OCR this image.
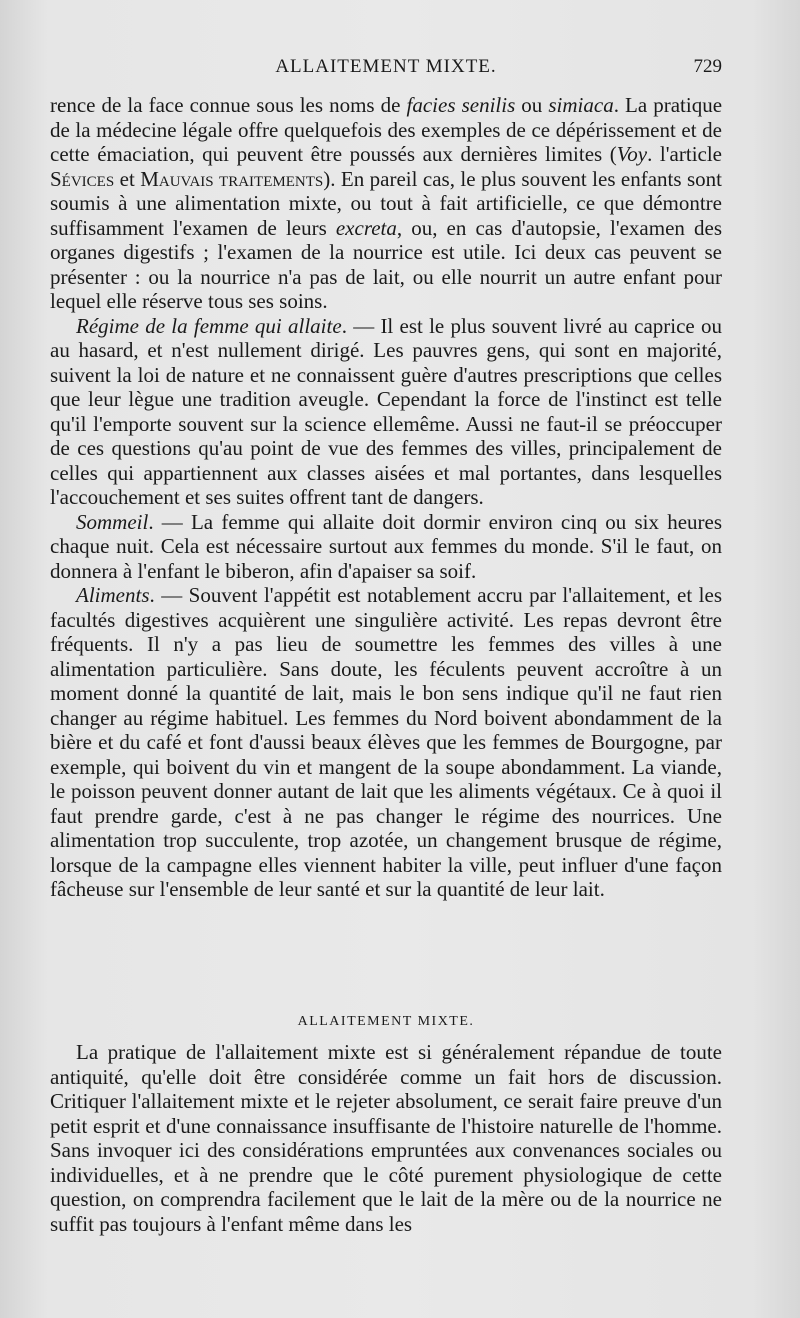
ALLAITEMENT MIXTE.	729

rence de la face connue sous les noms de facies senilis ou simiaca. La pratique de la médecine légale offre quelquefois des exemples de ce dépérissement et de cette émaciation, qui peuvent être poussés aux dernières limites (Voy. l'article Sévices et Mauvais traitements). En pareil cas, le plus souvent les enfants sont soumis à une alimentation mixte, ou tout à fait artificielle, ce que démontre suffisamment l'examen de leurs excreta, ou, en cas d'autopsie, l'examen des organes digestifs ; l'examen de la nourrice est utile. Ici deux cas peuvent se présenter : ou la nourrice n'a pas de lait, ou elle nourrit un autre enfant pour lequel elle réserve tous ses soins.

Régime de la femme qui allaite. — Il est le plus souvent livré au caprice ou au hasard, et n'est nullement dirigé. Les pauvres gens, qui sont en majorité, suivent la loi de nature et ne connaissent guère d'autres prescriptions que celles que leur lègue une tradition aveugle. Cependant la force de l'instinct est telle qu'il l'emporte souvent sur la science ellemême. Aussi ne faut-il se préoccuper de ces questions qu'au point de vue des femmes des villes, principalement de celles qui appartiennent aux classes aisées et mal portantes, dans lesquelles l'accouchement et ses suites offrent tant de dangers.

Sommeil. — La femme qui allaite doit dormir environ cinq ou six heures chaque nuit. Cela est nécessaire surtout aux femmes du monde. S'il le faut, on donnera à l'enfant le biberon, afin d'apaiser sa soif.

Aliments. — Souvent l'appétit est notablement accru par l'allaitement, et les facultés digestives acquièrent une singulière activité. Les repas devront être fréquents. Il n'y a pas lieu de soumettre les femmes des villes à une alimentation particulière. Sans doute, les féculents peuvent accroître à un moment donné la quantité de lait, mais le bon sens indique qu'il ne faut rien changer au régime habituel. Les femmes du Nord boivent abondamment de la bière et du café et font d'aussi beaux élèves que les femmes de Bourgogne, par exemple, qui boivent du vin et mangent de la soupe abondamment. La viande, le poisson peuvent donner autant de lait que les aliments végétaux. Ce à quoi il faut prendre garde, c'est à ne pas changer le régime des nourrices. Une alimentation trop succulente, trop azotée, un changement brusque de régime, lorsque de la campagne elles viennent habiter la ville, peut influer d'une façon fâcheuse sur l'ensemble de leur santé et sur la quantité de leur lait.

ALLAITEMENT MIXTE.

La pratique de l'allaitement mixte est si généralement répandue de toute antiquité, qu'elle doit être considérée comme un fait hors de discussion. Critiquer l'allaitement mixte et le rejeter absolument, ce serait faire preuve d'un petit esprit et d'une connaissance insuffisante de l'histoire naturelle de l'homme. Sans invoquer ici des considérations empruntées aux convenances sociales ou individuelles, et à ne prendre que le côté purement physiologique de cette question, on comprendra facilement que le lait de la mère ou de la nourrice ne suffit pas toujours à l'enfant même dans les
